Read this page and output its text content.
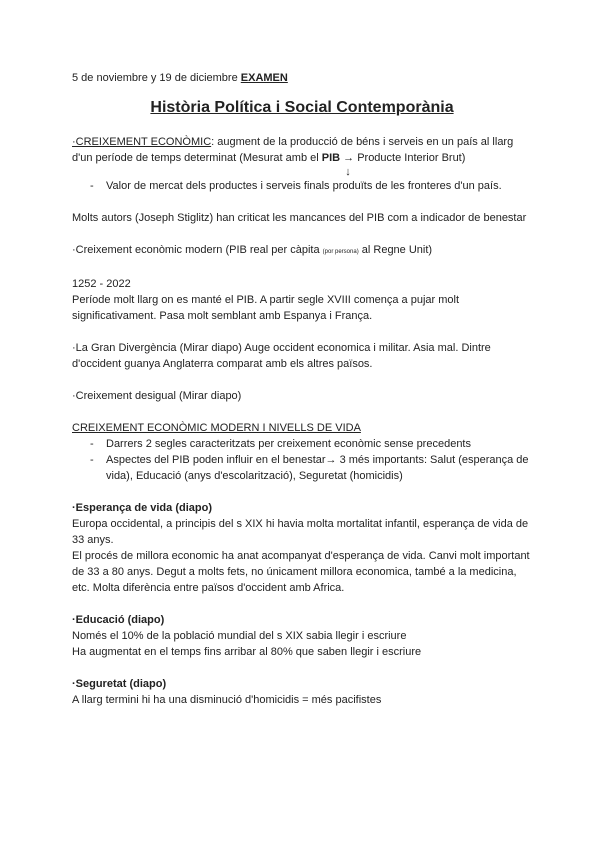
5 de noviembre y 19 de diciembre EXAMEN

Història Política i Social Contemporània

·CREIXEMENT ECONÒMIC: augment de la producció de béns i serveis en un país al llarg d'un període de temps determinat (Mesurat amb el PIB → Producte Interior Brut)

↓

- Valor de mercat dels productes i serveis finals produïts de les fronteres d'un país.

Molts autors (Joseph Stiglitz) han criticat les mancances del PIB com a indicador de benestar

·Creixement econòmic modern (PIB real per càpita (por persona) al Regne Unit)

1252 - 2022

Període molt llarg on es manté el PIB. A partir segle XVIII comença a pujar molt significativament. Pasa molt semblant amb Espanya i França.

·La Gran Divergència (Mirar diapo) Auge occident economica i militar. Asia mal. Dintre d'occident guanya Anglaterra comparat amb els altres països.

·Creixement desigual (Mirar diapo)

CREIXEMENT ECONÒMIC MODERN I NIVELLS DE VIDA

- Darrers 2 segles caracteritzats per creixement econòmic sense precedents
- Aspectes del PIB poden influir en el benestar→ 3 més importants: Salut (esperança de vida), Educació (anys d'escolarització), Seguretat (homicidis)

·Esperança de vida (diapo)

Europa occidental, a principis del s XIX hi havia molta mortalitat infantil, esperança de vida de 33 anys.

El procés de millora economic ha anat acompanyat d'esperança de vida. Canvi molt important de 33 a 80 anys. Degut a molts fets, no únicament millora economica, també a la medicina, etc. Molta diferència entre països d'occident amb Africa.

·Educació (diapo)

Només el 10% de la població mundial del s XIX sabia llegir i escriure

Ha augmentat en el temps fins arribar al 80% que saben llegir i escriure

·Seguretat (diapo)

A llarg termini hi ha una disminució d'homicidis = més pacifistes
